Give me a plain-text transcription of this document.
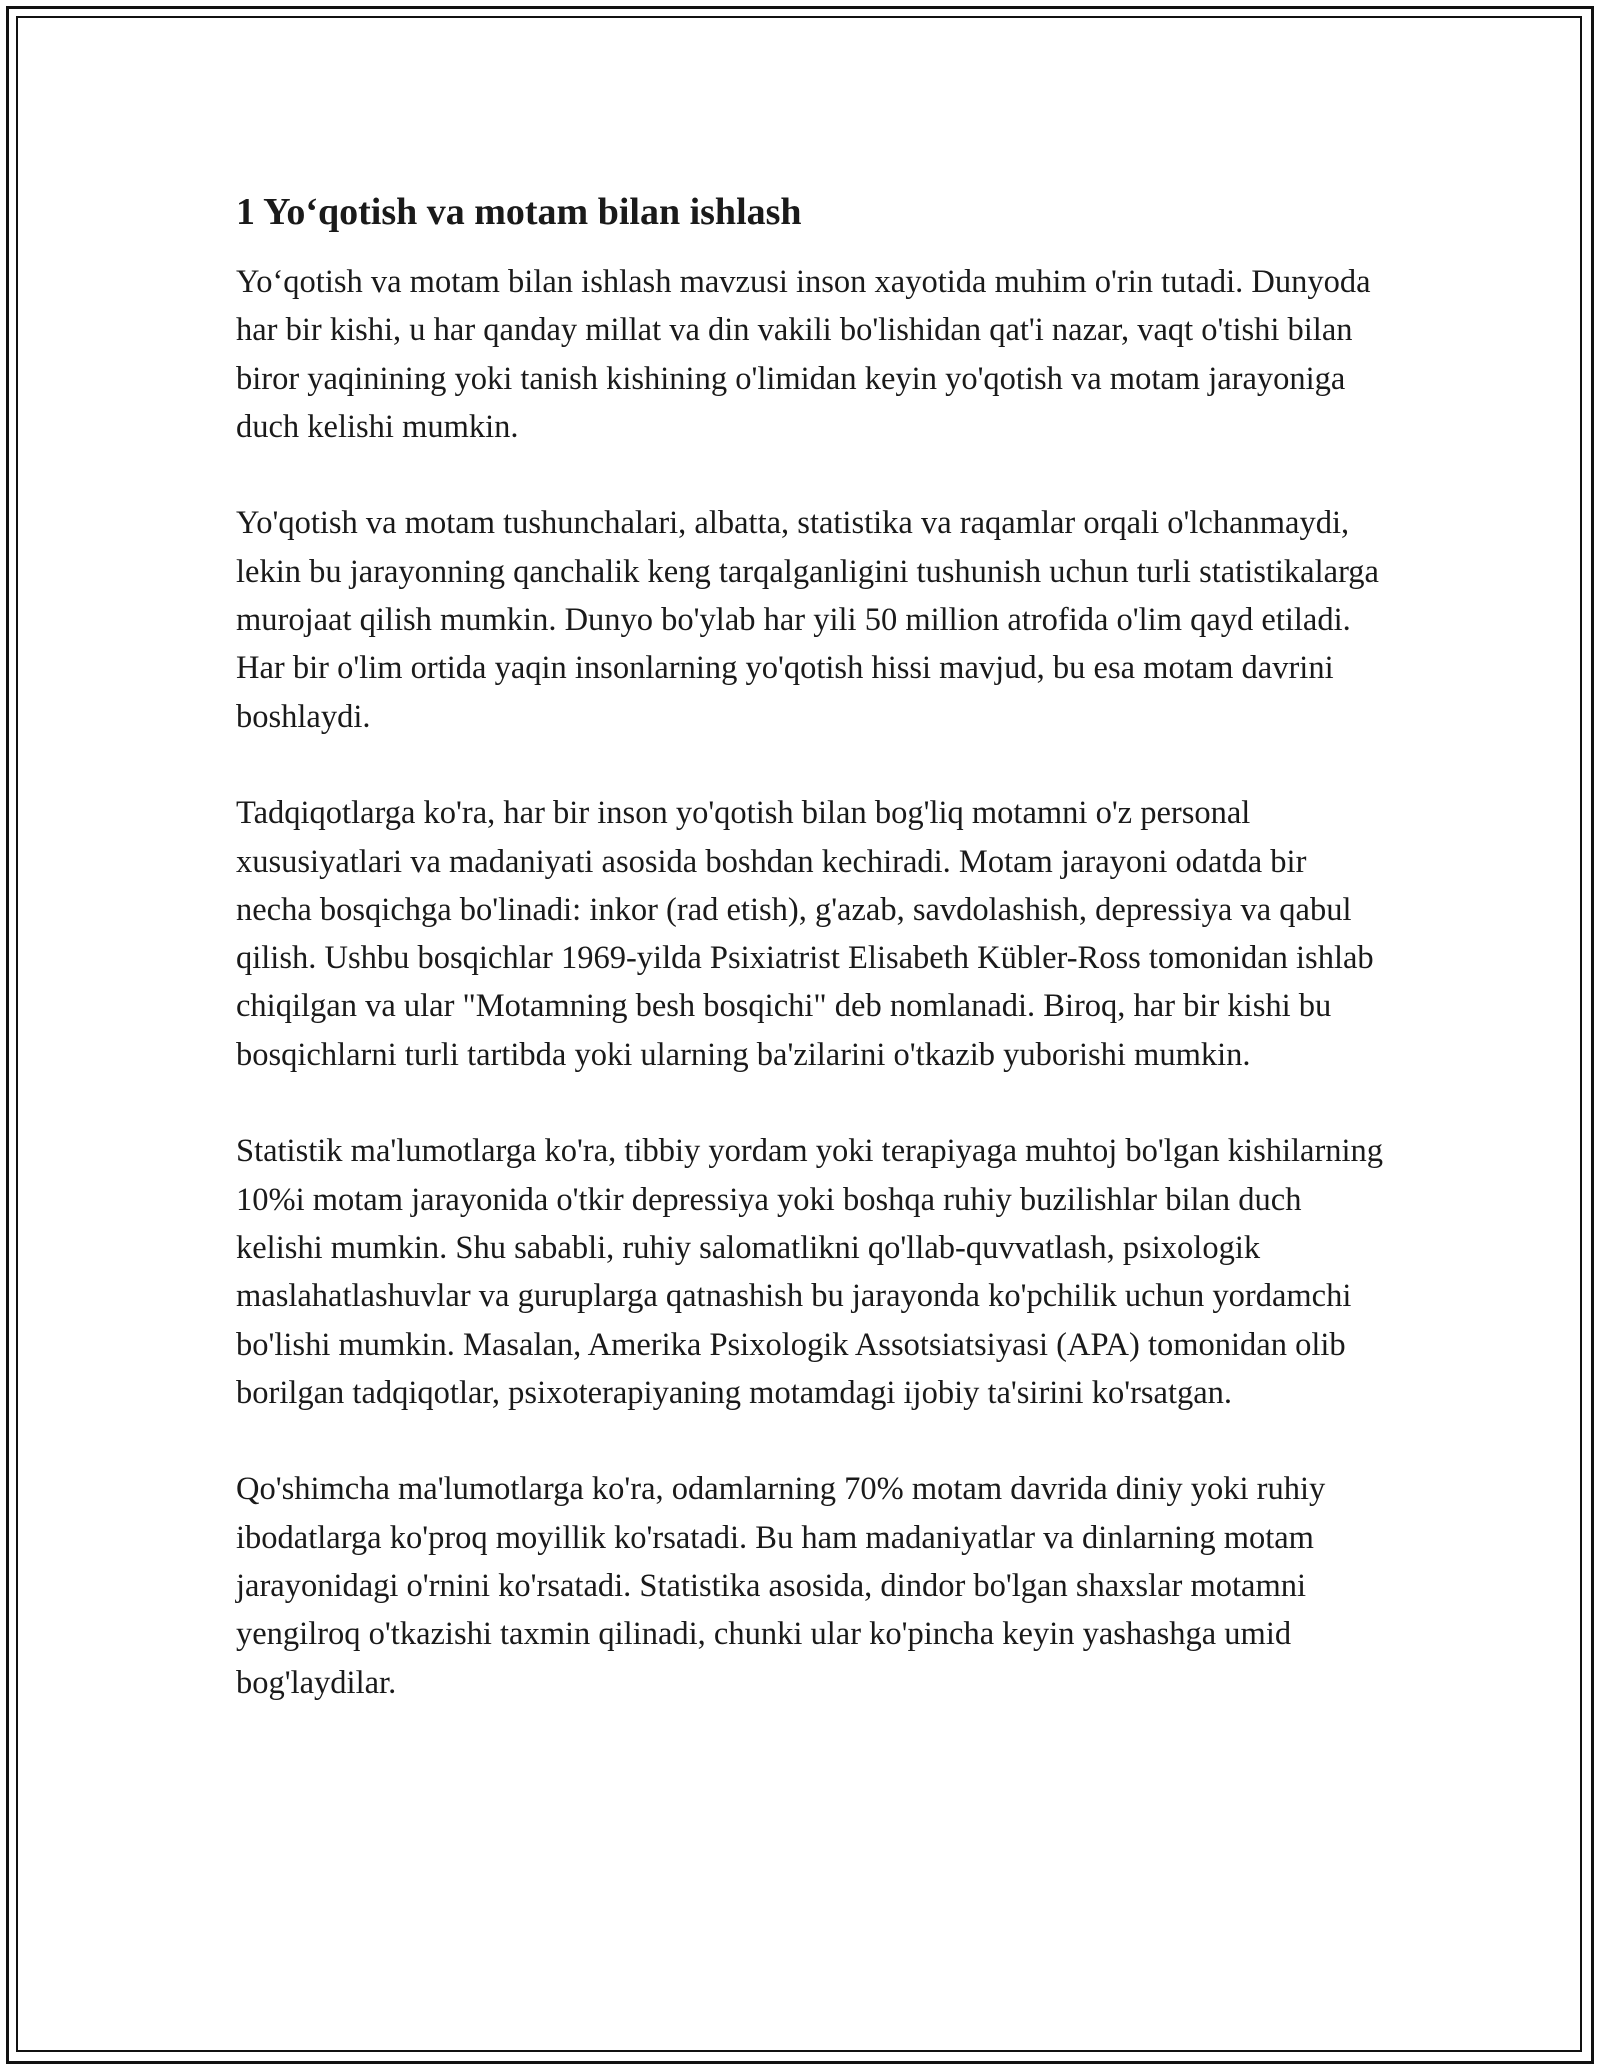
1 Yo‘qotish va motam bilan ishlash

Yo‘qotish va motam bilan ishlash mavzusi inson xayotida muhim o'rin tutadi. Dunyoda har bir kishi, u har qanday millat va din vakili bo'lishidan qat'i nazar, vaqt o'tishi bilan biror yaqinining yoki tanish kishining o'limidan keyin yo'qotish va motam jarayoniga duch kelishi mumkin.

Yo'qotish va motam tushunchalari, albatta, statistika va raqamlar orqali o'lchanmaydi, lekin bu jarayonning qanchalik keng tarqalganligini tushunish uchun turli statistikalarga murojaat qilish mumkin. Dunyo bo'ylab har yili 50 million atrofida o'lim qayd etiladi. Har bir o'lim ortida yaqin insonlarning yo'qotish hissi mavjud, bu esa motam davrini boshlaydi.

Tadqiqotlarga ko'ra, har bir inson yo'qotish bilan bog'liq motamni o'z personal xususiyatlari va madaniyati asosida boshdan kechiradi. Motam jarayoni odatda bir necha bosqichga bo'linadi: inkor (rad etish), g'azab, savdolashish, depressiya va qabul qilish. Ushbu bosqichlar 1969-yilda Psixiatrist Elisabeth Kübler-Ross tomonidan ishlab chiqilgan va ular "Motamning besh bosqichi" deb nomlanadi. Biroq, har bir kishi bu bosqichlarni turli tartibda yoki ularning ba'zilarini o'tkazib yuborishi mumkin.

Statistik ma'lumotlarga ko'ra, tibbiy yordam yoki terapiyaga muhtoj bo'lgan kishilarning 10%i motam jarayonida o'tkir depressiya yoki boshqa ruhiy buzilishlar bilan duch kelishi mumkin. Shu sababli, ruhiy salomatlikni qo'llab-quvvatlash, psixologik maslahatlashuvlar va guruplarga qatnashish bu jarayonda ko'pchilik uchun yordamchi bo'lishi mumkin. Masalan, Amerika Psixologik Assotsiatsiyasi (APA) tomonidan olib borilgan tadqiqotlar, psixoterapiyaning motamdagi ijobiy ta'sirini ko'rsatgan.

Qo'shimcha ma'lumotlarga ko'ra, odamlarning 70% motam davrida diniy yoki ruhiy ibodatlarga ko'proq moyillik ko'rsatadi. Bu ham madaniyatlar va dinlarning motam jarayonidagi o'rnini ko'rsatadi. Statistika asosida, dindor bo'lgan shaxslar motamni yengilroq o'tkazishi taxmin qilinadi, chunki ular ko'pincha keyin yashashga umid bog'laydilar.
